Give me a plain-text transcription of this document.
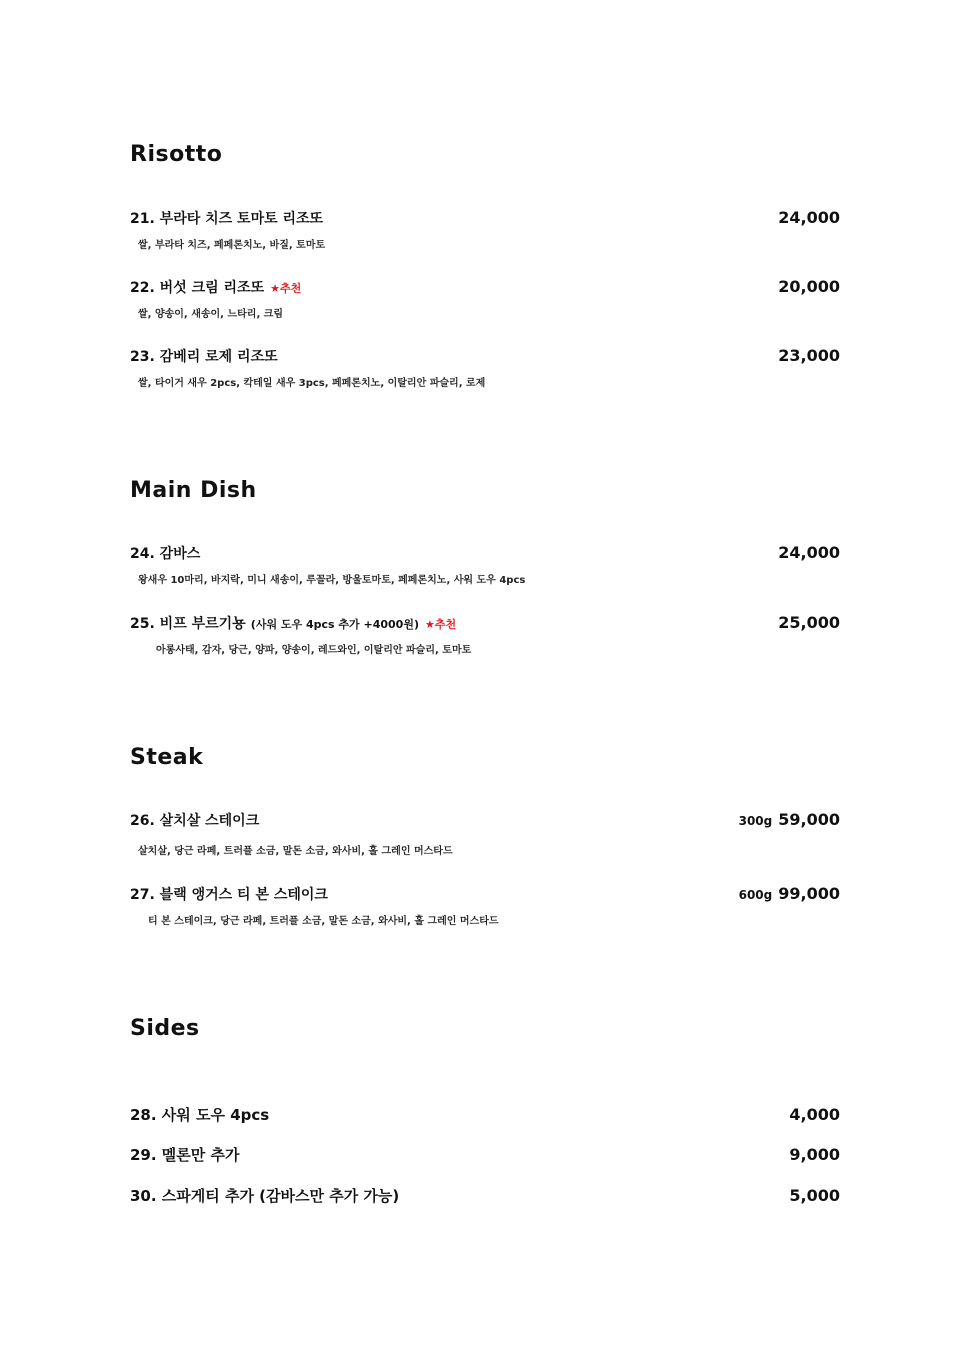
Risotto
21. 부라타 치즈 토마토 리조또	24,000
쌀, 부라타 치즈, 페페론치노, 바질, 토마토
22. 버섯 크림 리조또 ★추천	20,000
쌀, 양송이, 새송이, 느타리, 크림
23. 감베리 로제 리조또	23,000
쌀, 타이거 새우 2pcs, 칵테일 새우 3pcs, 페페론치노, 이탈리안 파슬리, 로제
Main Dish
24. 감바스	24,000
왕새우 10마리, 바지락, 미니 새송이, 루꼴라, 방울토마토, 페페론치노, 사워 도우 4pcs
25. 비프 부르기뇽 (사워 도우 4pcs 추가 +4000원) ★추천	25,000
아롱사태, 감자, 당근, 양파, 양송이, 레드와인, 이탈리안 파슬리, 토마토
Steak
26. 살치살 스테이크	300g 59,000
살치살, 당근 라페, 트러플 소금, 말돈 소금, 와사비, 홀 그레인 머스타드
27. 블랙 앵거스 티 본 스테이크	600g 99,000
티 본 스테이크, 당근 라페, 트러플 소금, 말돈 소금, 와사비, 홀 그레인 머스타드
Sides
28. 사워 도우 4pcs	4,000
29. 멜론만 추가	9,000
30. 스파게티 추가 (감바스만 추가 가능)	5,000
